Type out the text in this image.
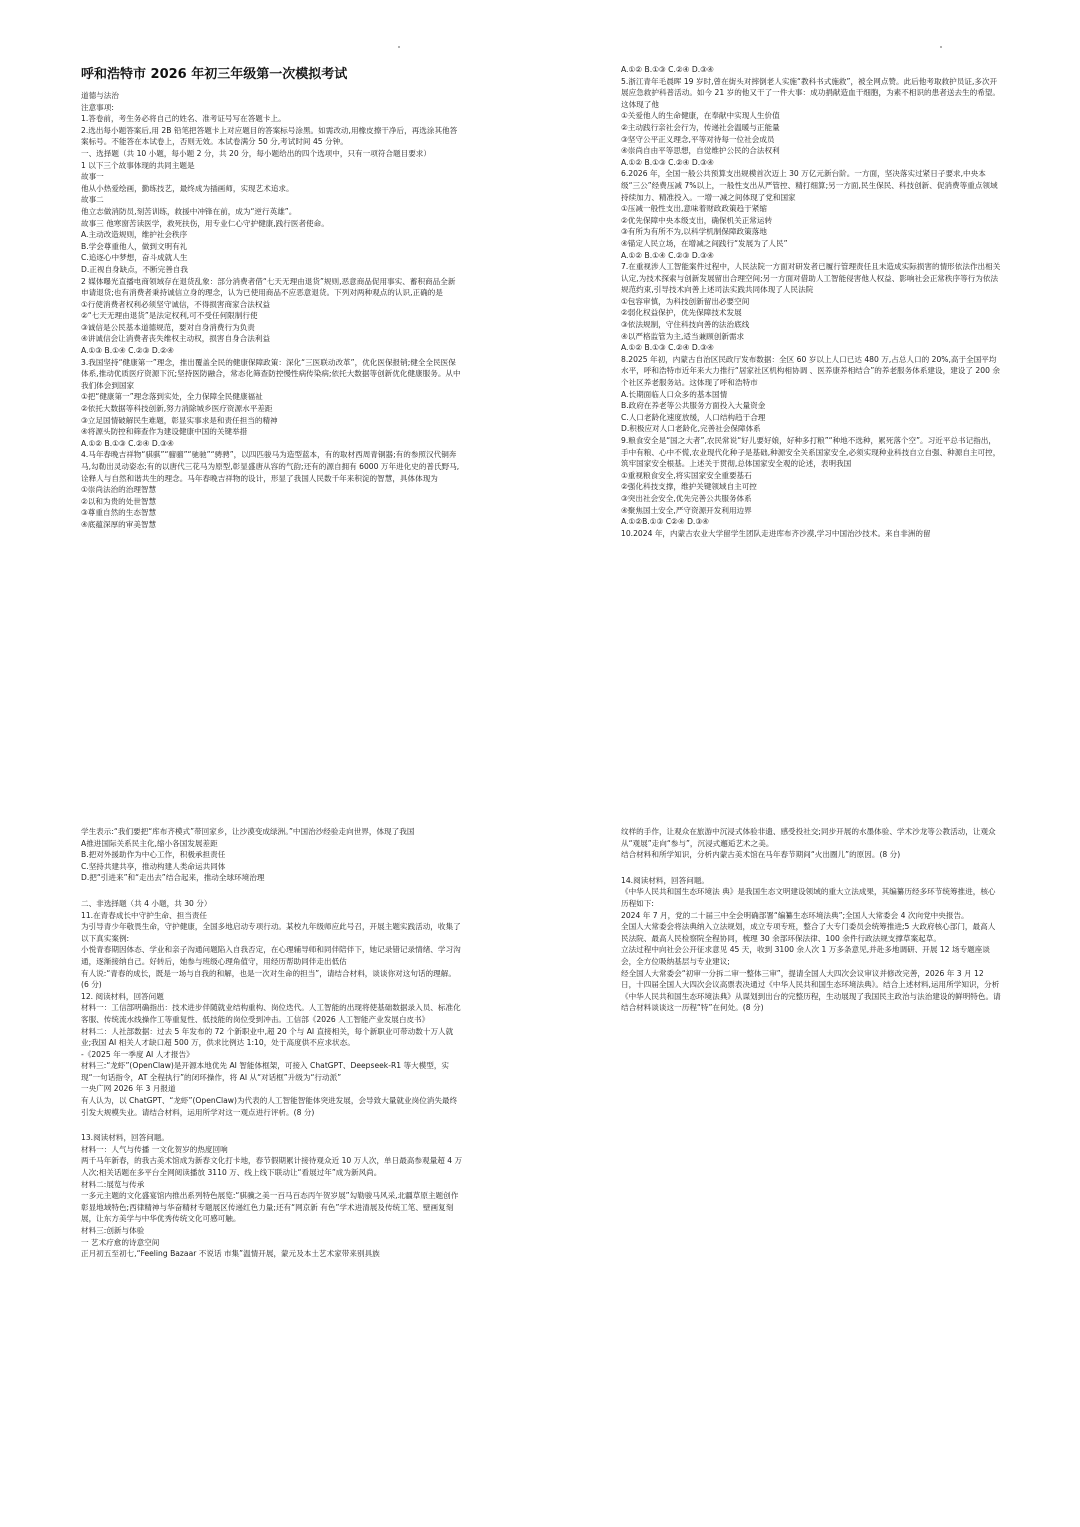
呼和浩特市 2026 年初三年级第一次模拟考试
道德与法治
注意事项:
1.答卷前，考生务必将自己的姓名、准考证号写在答题卡上。
2.选出每小题答案后,用 2B 铅笔把答题卡上对应题目的答案标号涂黑。如需改动,用橡皮擦干净后，再选涂其他答案标号。不能答在本试卷上，否则无效。本试卷满分 50 分,考试时间 45 分钟。
一、选择题（共 10 小题，每小题 2 分，共 20 分，每小题给出的四个选项中，只有一项符合题目要求）
1 以下三个故事体现的共同主题是
故事一
他从小热爱绘画，勤练技艺，最终成为插画师，实现艺术追求。
故事二
他立志做消防员,刻苦训练，救援中冲锋在前，成为“逆行英雄”。
故事三 他寒窗苦读医学，救死扶伤，用专业仁心守护健康,践行医者使命。
A.主动改造规则，维护社会秩序
B.学会尊重他人，做到文明有礼
C.追逐心中梦想，奋斗成就人生
D.正视自身缺点，不断完善自我
2 媒体曝光直播电商领域存在退货乱象：部分消费者借“七天无理由退货”规则,恶意商品促用事实、蓄积商品全新申请退货;也有消费者秉持诚信立身的理念，认为已使用商品不应恶意退货。下列对两种观点的认识,正确的是
①行使消费者权利必须坚守诚信，不得损害商家合法权益
②“七天无理由退货”是法定权利,可不受任何限制行使
③诚信是公民基本道德规范，要对自身消费行为负责
④讲诚信会让消费者丧失维权主动权，损害自身合法利益
A.①③ B.①④ C.②③ D.②④
3.我国坚持“健康第一”理念，推出覆盖全民的健康保障政策：深化“三医联动改革”，优化医保报销;健全全民医保体系,推动优质医疗资源下沉;坚持医防融合，常态化筛查防控慢性病传染病;依托大数据等创新优化健康服务。从中我们体会到国家
①把“健康第一”理念落到实处，全力保障全民健康福祉
②依托大数据等科技创新,努力消除城乡医疗资源水平差距
③立足国情破解民生难题，彰显实事求是和责任担当的精神
④将源头防控和筛查作为建设健康中国的关键举措
A.①② B.①③ C.②④ D.③④
4.马年春晚吉祥物“骐骐”“骝骝”“驰驰”“骋骋”，以四匹骏马为造型蓝本，有的取材西周青铜器;有的参照汉代铜奔马,勾勒出灵动姿态;有的以唐代三花马为原型,彰显盛唐从容的气韵;还有的源自拥有 6000 万年进化史的普氏野马,诠释人与自然和谐共生的理念。马年春晚吉祥物的设计，形显了我国人民数千年来积淀的智慧，具体体现为
①崇尚法治的治理智慧
②以和为贵的处世智慧
③尊重自然的生态智慧
④底蕴深厚的审美智慧
A.①② B.①③ C.②④ D.③④
5.浙江青年毛晨晖 19 岁时,曾在街头对摔倒老人实施“教科书式施救”，被全网点赞。此后他考取救护员证,多次开展应急救护科普活动。如今 21 岁的他又干了一件大事：成功捐献造血干细胞，为素不相识的患者送去生的希望。这体现了他
①关爱他人的生命健康，在奉献中实现人生价值
②主动践行亲社会行为，传递社会温暖与正能量
③坚守公平正义理念,平等对待每一位社会成员
④崇尚自由平等思想，自觉维护公民的合法权利
A.①② B.①③ C.②④ D.③④
6.2026 年，全国一般公共预算支出规模首次迈上 30 万亿元新台阶。一方面，坚决落实过紧日子要求,中央本级“三公”经费压减 7%以上，一般性支出从严管控、精打细算;另一方面,民生保民、科技创新、促消费等重点领域持续加力、精准投入。一增一减之间体现了党和国家
①压减一般性支出,意味着财政政策趋于紧缩
②优先保障中央本级支出，确保机关正常运转
③有所为有所不为,以科学机制保障政策落地
④锚定人民立场，在增减之间践行“发展为了人民”
A.①② B.①④ C.②③ D.③④
7.在重视涉人工智能案件过程中，人民法院一方面对研发者已履行管理责任且未造成实际损害的情形依法作出相关认定,为技术探索与创新发展留出合理空间;另一方面对借助人工智能侵害他人权益、影响社会正常秩序等行为依法规范约束,引导技术向善上述司法实践共同体现了人民法院
①包容审慎，为科技创新留出必要空间
②弱化权益保护，优先保障技术发展
③依法规制，守住科技向善的法治底线
④以严格监管为主,适当兼顾创新需求
A.①② B.①③ C.②④ D.③④
8.2025 年初，内蒙古自治区民政厅发布数据：全区 60 岁以上人口已达 480 万,占总人口的 20%,高于全国平均水平，呼和浩特市近年来大力推行“居家社区机构相协调 、医养康养相结合”的养老服务体系建设，建设了 200 余个社区养老服务站。这体现了呼和浩特市
A.长期面临人口众多的基本国情
B.政府在养老等公共服务方面投入大量资金
C.人口老龄化速度放缓，人口结构趋于合理
D.积极应对人口老龄化,完善社会保障体系
9.粮食安全是“国之大者”,农民常说“好儿要好娘，好种多打粮”“种地不选种，累死落个空”。习近平总书记指出，手中有粮、心中不慌,农业现代化种子是基础,种源安全关系国家安全,必须实现种业科技自立自强、种源自主可控，筑牢国家安全根基。上述关于贯彻,总体国家安全观的论述，表明我国
①重视粮食安全,将实国家安全重要基石
②强化科技支撑，维护关键领域自主可控
③突出社会安全,优先完善公共服务体系
④聚焦国土安全,严守资源开发利用边界
A.①②B.①③ C②④ D.③④
10.2024 年，内蒙古农业大学留学生团队走进库布齐沙漠,学习中国治沙技术。来自非洲的留
学生表示:“我们要把“库布齐模式”带回家乡，让沙漠变成绿洲。”中国治沙经验走向世界，体现了我国
A推进国际关系民主化,缩小各国发展差距
B.把对外援助作为中心工作，积极承担责任
C.坚持共建共享，推动构建人类命运共同体
D.把“引进来”和“走出去”结合起来，推动全球环境治理
二、非选择题（共 4 小题，共 30 分）
11.在青春成长中守护生命、担当责任
为引导青少年敬畏生命，守护健康，全国多地启动专项行动。某校九年级师应此号召，开展主题实践活动，收集了以下真实案例:
小悦青春期因体态、学业和亲子沟通问题陷入自我否定，在心理辅导师和同伴陪伴下，她记录错记录情绪、学习沟通，逐渐接纳自己。好转后，她参与班级心理角值守，用经历帮助同伴走出低估
有人说:“青春的成长，既是一场与自我的和解，也是一次对生命的担当”，请结合材料，谈谈你对这句话的理解。(6 分)
12. 阅读材料，回答问题
材料一：工信部明确指出：技术进步伴随就业结构重构、岗位迭代。人工智能的出现将使基础数据录入员、标准化客服、传统流水线操作工等重复性、低技能的岗位受到冲击。工信部《2026 人工智能产业发展白皮书》
材料二：人社部数据：过去 5 年发布的 72 个新职业中,超 20 个与 AI 直接相关，每个新职业可带动数十万人就业;我国 AI 相关人才缺口超 500 万，供求比例达 1:10，处于高度供不应求状态。
-《2025 年一季度 AI 人才报告》
材料三:“龙虾”(OpenClaw)是开源本地优先 AI 智能体框架，可接入 ChatGPT、Deepseek-R1 等大模型，实现“一句话指令，AT 全程执行”的闭环操作，将 AI 从“对话框”升级为“行动派”
一央广网 2026 年 3 月报道
有人认为，以 ChatGPT、“龙虾”(OpenClaw)为代表的人工智能智能体突进发展，会导致大量就业岗位消失最终引发大规模失业。请结合材料，运用所学对这一观点进行评析。(8 分)
13.阅读材料，回答问题。
材料一：人气与传播 一文化贺岁的热度回响
两千马年新春，的我古美术馆成为新春文化打卡地，春节假期累计接待观众近 10 万人次，单日最高参观量超 4 万人次;相关话题在多平台全网阅读播放 3110 万、线上线下联动让“看展过年”成为新风尚。
材料二:展览与传承
一多元主题的文化盛宴馆内推出系列特色展览:“骐骥之美一百马百态丙午贺岁展”勾勒骏马风采,北疆草原主题创作彰显地域特色;西律精神与华奋精材专题展区传递红色力量;还有“网京新 有色”学术进清展及传统工笔、壁画复刻展，让东方美学与中华优秀传统文化可感可触。
材料三:创新与体验
一 艺术疗愈的诗意空间
正月初五至初七,“Feeling Bazaar 不说话 市集”温情开展，蒙元及本土艺术家带来别具族
纹样的手作，让观众在旅游中沉浸式体验非遗、感受投社交;同步开展的水墨体验、学术沙龙等公教活动，让观众从“观展”走向“参与”，沉浸式邂逅艺术之美。
结合材料和所学知识，分析内蒙古美术馆在马年春节期间“火出圈儿”的原因。(8 分)
14.阅读材料，回答问题。
《中华人民共和国生态环境法 典》是我国生态文明建设领域的重大立法成果，其编纂历经多环节统筹推进，核心历程如下:
2024 年 7 月，党的二十届三中全会明确部署“编纂生态环境法典”;全国人大常委会 4 次向党中央报告。
全国人大常委会将法典纳入立法规划，成立专项专班，整合了大专门委员会统筹推进;5 大政府核心部门，最高人民法院、最高人民检察院全程协同，梳理 30 余部环保法律、100 余件行政法规支撑草案起草。
立法过程中向社会公开征求意见 45 天，收到 3100 余人次 1 万多条意见,并赴多地调研、开展 12 场专题座谈会，全方位吸纳基层与专业建议;
经全国人大常委会“初审一分拆二审一整体三审”，提请全国人大四次会议审议并修改完善，2026 年 3 月 12 日，十四届全国人大四次会议高票表决通过《中华人民共和国生态环境法典》。结合上述材料,运用所学知识，分析《中华人民共和国生态环境法典》从谋划到出台的完整历程，生动展现了我国民主政治与法治建设的鲜明特色。请结合材料谈谈这一历程“特”在何处。(8 分)
